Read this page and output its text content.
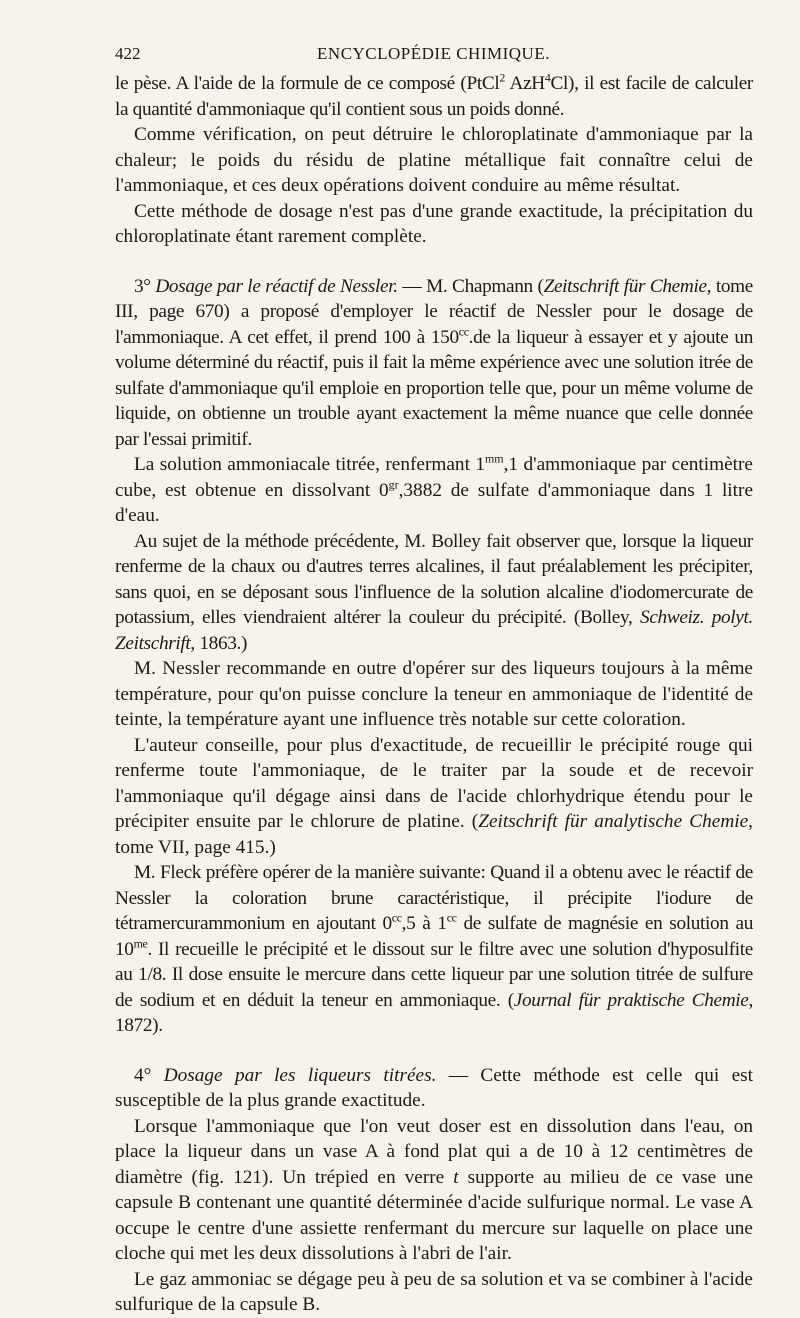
422	ENCYCLOPÉDIE CHIMIQUE.

le pèse. A l'aide de la formule de ce composé (PtCl$^2$ AzH$^4$Cl), il est facile de calculer la quantité d'ammoniaque qu'il contient sous un poids donné.

Comme vérification, on peut détruire le chloroplatinate d'ammoniaque par la chaleur; le poids du résidu de platine métallique fait connaître celui de l'ammoniaque, et ces deux opérations doivent conduire au même résultat.

Cette méthode de dosage n'est pas d'une grande exactitude, la précipitation du chloroplatinate étant rarement complète.

3° Dosage par le réactif de Nessler. — M. Chapmann (Zeitschrift für Chemie, tome III, page 670) a proposé d'employer le réactif de Nessler pour le dosage de l'ammoniaque. A cet effet, il prend 100 à $150^{cc}.de$ la liqueur à essayer et y ajoute un volume déterminé du réactif, puis il fait la même expérience avec une solution itrée de sulfate d'ammoniaque qu'il emploie en proportion telle que, pour un même volume de liquide, on obtienne un trouble ayant exactement la même nuance que celle donnée par l'essai primitif.

La solution ammoniacale titrée, renfermant $1^{mm},1$ d'ammoniaque par centimètre cube, est obtenue en dissolvant $0^{gr},3882$ de sulfate d'ammoniaque dans 1 litre d'eau.

Au sujet de la méthode précédente, M. Bolley fait observer que, lorsque la liqueur renferme de la chaux ou d'autres terres alcalines, il faut préalablement les précipiter, sans quoi, en se déposant sous l'influence de la solution alcaline d'iodomercurate de potassium, elles viendraient altérer la couleur du précipité. (Bolley, Schweiz. polyt. Zeitschrift, 1863.)

M. Nessler recommande en outre d'opérer sur des liqueurs toujours à la même température, pour qu'on puisse conclure la teneur en ammoniaque de l'identité de teinte, la température ayant une influence très notable sur cette coloration.

L'auteur conseille, pour plus d'exactitude, de recueillir le précipité rouge qui renferme toute l'ammoniaque, de le traiter par la soude et de recevoir l'ammoniaque qu'il dégage ainsi dans de l'acide chlorhydrique étendu pour le précipiter ensuite par le chlorure de platine. (Zeitschrift für analytische Chemie, tome VII, page 415.)

M. Fleck préfère opérer de la manière suivante: Quand il a obtenu avec le réactif de Nessler la coloration brune caractéristique, il précipite l'iodure de tétramercurammonium en ajoutant $0^{cc},5$ à $1^{cc}$ de sulfate de magnésie en solution au $10^{me}$. Il recueille le précipité et le dissout sur le filtre avec une solution d'hyposulfite au 1/8. Il dose ensuite le mercure dans cette liqueur par une solution titrée de sulfure de sodium et en déduit la teneur en ammoniaque. (Journal für praktische Chemie, 1872).

4° Dosage par les liqueurs titrées. — Cette méthode est celle qui est susceptible de la plus grande exactitude.

Lorsque l'ammoniaque que l'on veut doser est en dissolution dans l'eau, on place la liqueur dans un vase A à fond plat qui a de 10 à 12 centimètres de diamètre (fig. 121). Un trépied en verre t supporte au milieu de ce vase une capsule B contenant une quantité déterminée d'acide sulfurique normal. Le vase A occupe le centre d'une assiette renfermant du mercure sur laquelle on place une cloche qui met les deux dissolutions à l'abri de l'air.

Le gaz ammoniac se dégage peu à peu de sa solution et va se combiner à l'acide sulfurique de la capsule B.
